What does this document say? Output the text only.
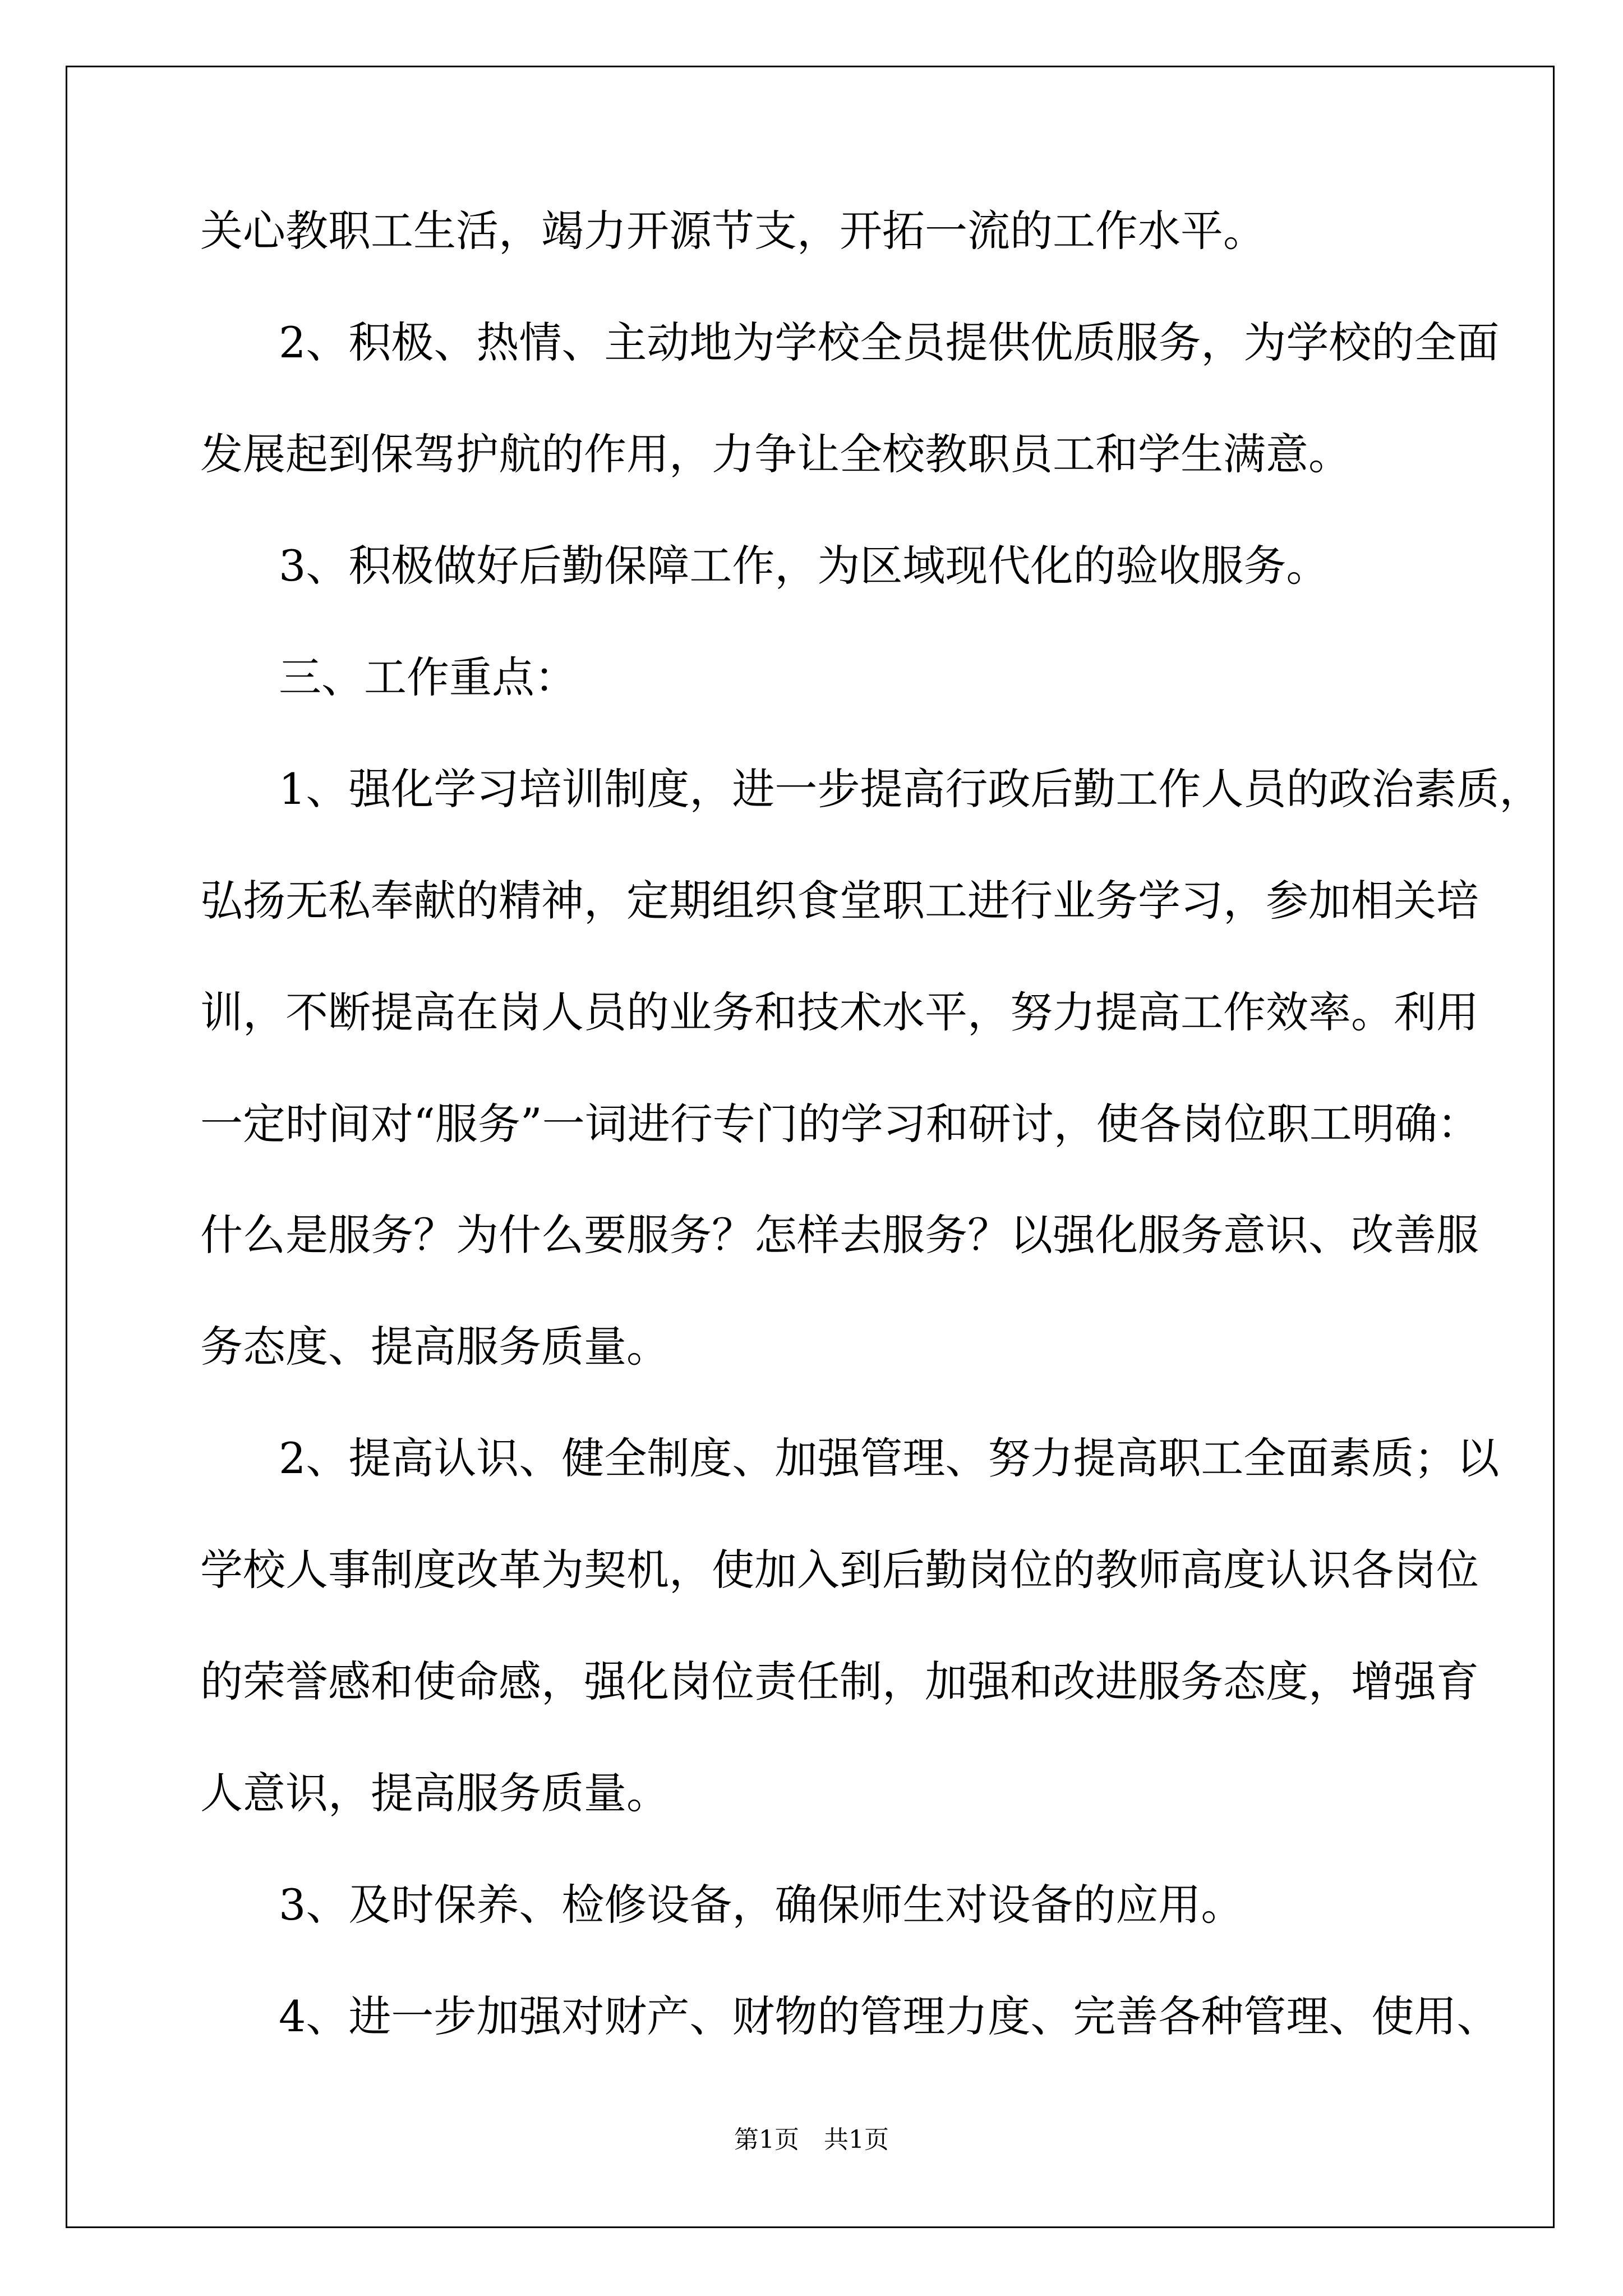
关心教职工生活，竭力开源节支，开拓一流的工作水平。

2、积极、热情、主动地为学校全员提供优质服务，为学校的全面

发展起到保驾护航的作用，力争让全校教职员工和学生满意。

3、积极做好后勤保障工作，为区域现代化的验收服务。

三、工作重点：

1、强化学习培训制度，进一步提高行政后勤工作人员的政治素质，

弘扬无私奉献的精神，定期组织食堂职工进行业务学习，参加相关培

训，不断提高在岗人员的业务和技术水平，努力提高工作效率。利用

一定时间对“服务”一词进行专门的学习和研讨，使各岗位职工明确：

什么是服务？为什么要服务？怎样去服务？以强化服务意识、改善服

务态度、提高服务质量。

2、提高认识、健全制度、加强管理、努力提高职工全面素质；以

学校人事制度改革为契机，使加入到后勤岗位的教师高度认识各岗位

的荣誉感和使命感，强化岗位责任制，加强和改进服务态度，增强育

人意识，提高服务质量。

3、及时保养、检修设备，确保师生对设备的应用。

4、进一步加强对财产、财物的管理力度、完善各种管理、使用、

第1页　共1页
